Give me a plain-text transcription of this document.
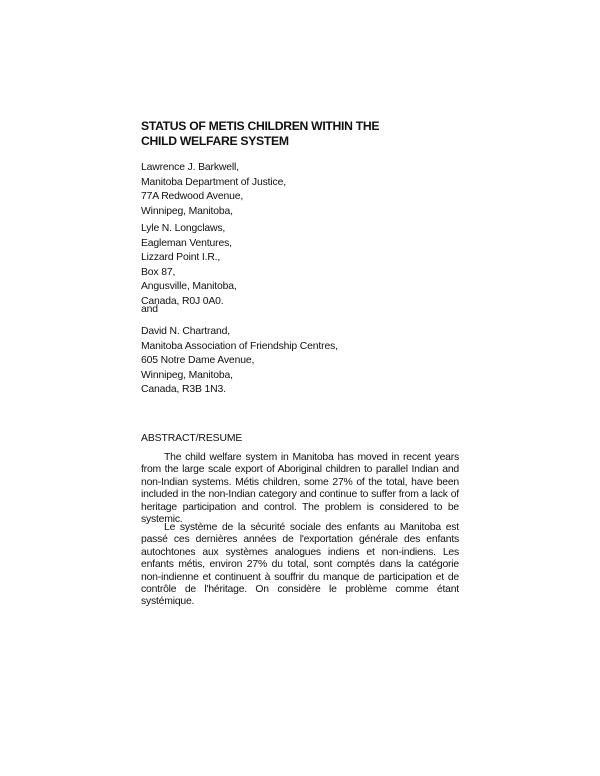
STATUS OF METIS CHILDREN WITHIN THE
CHILD WELFARE SYSTEM
Lawrence J. Barkwell,
Manitoba Department of Justice,
77A Redwood Avenue,
Winnipeg, Manitoba,
Lyle N. Longclaws,
Eagleman Ventures,
Lizzard Point I.R.,
Box 87,
Angusville, Manitoba,
Canada, R0J 0A0.
and
David N. Chartrand,
Manitoba Association of Friendship Centres,
605 Notre Dame Avenue,
Winnipeg, Manitoba,
Canada, R3B 1N3.
ABSTRACT/RESUME

The child welfare system in Manitoba has moved in recent years from the large scale export of Aboriginal children to parallel Indian and non-Indian systems. Métis children, some 27% of the total, have been included in the non-Indian category and continue to suffer from a lack of heritage participation and control. The problem is considered to be systemic.

Le système de la sécurité sociale des enfants au Manitoba est passé ces dernières années de l'exportation générale des enfants autochtones aux systèmes analogues indiens et non-indiens. Les enfants métis, environ 27% du total, sont comptés dans la catégorie non-indienne et continuent à souffrir du manque de participation et de contrôle de l'héritage. On considère le problème comme étant systémique.
